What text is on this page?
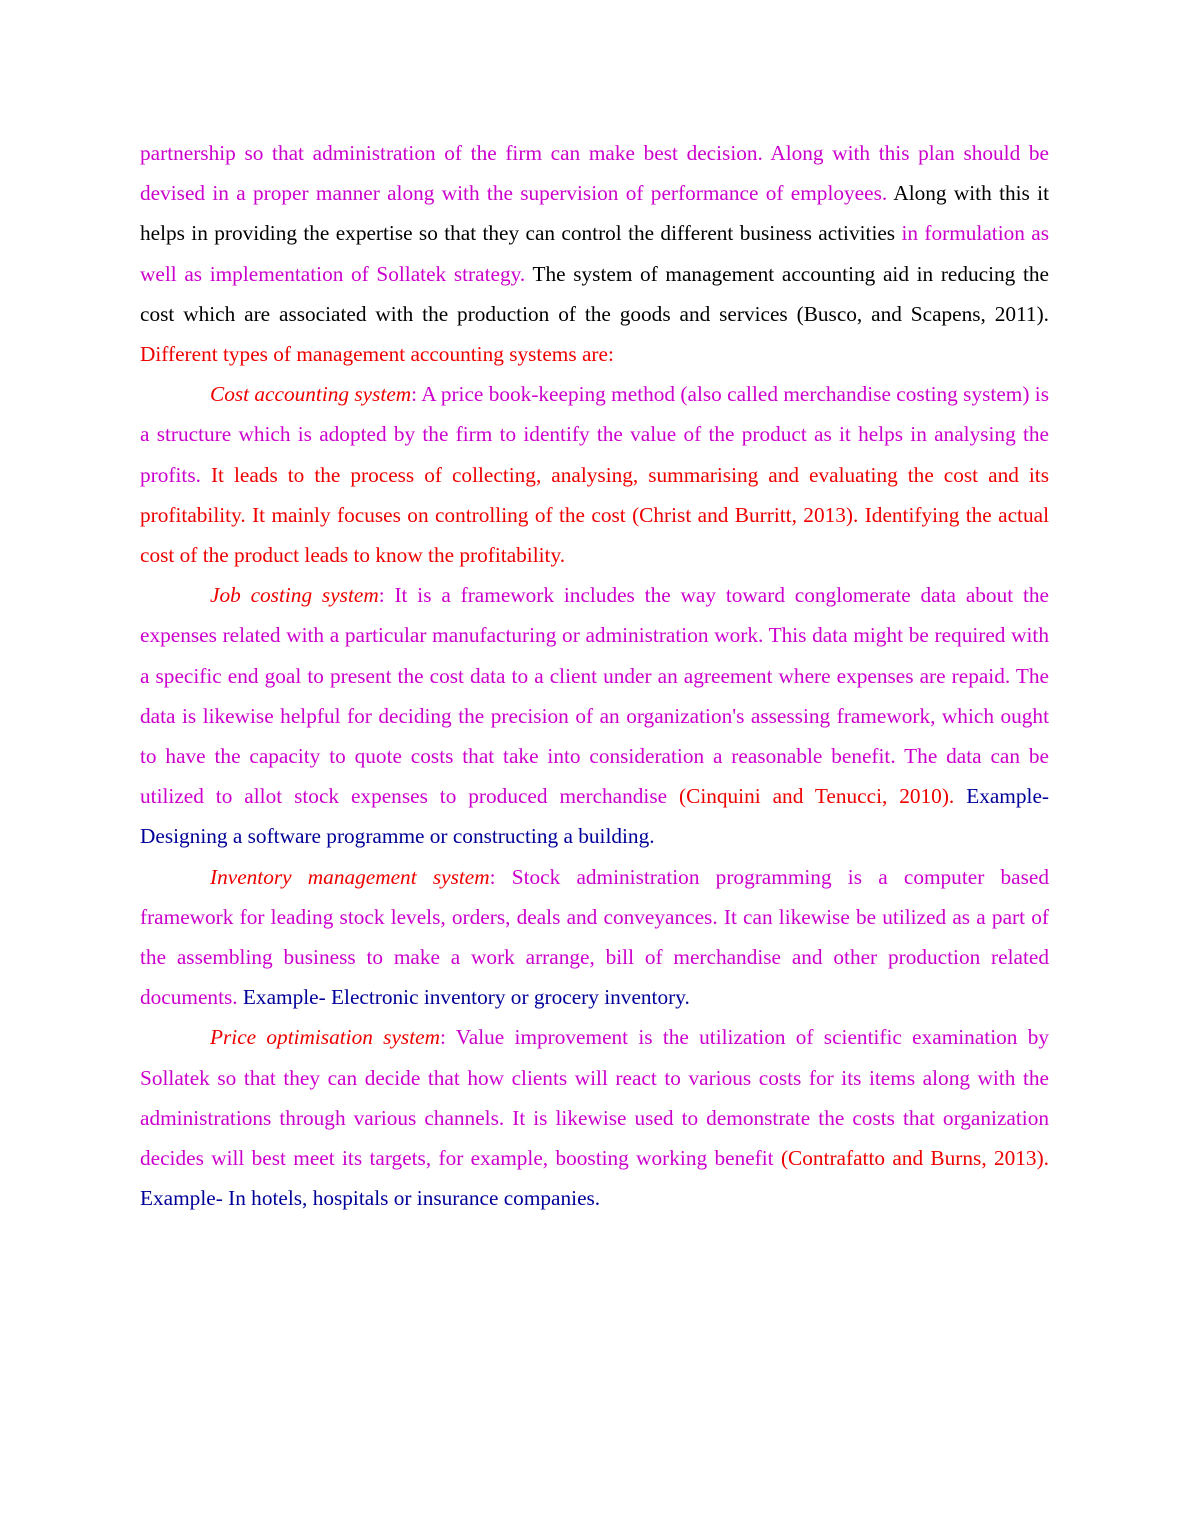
partnership so that administration of the firm can make best decision. Along with this plan should be devised in a proper manner along with the supervision of performance of employees. Along with this it helps in providing the expertise so that they can control the different business activities in formulation as well as implementation of Sollatek strategy. The system of management accounting aid in reducing the cost which are associated with the production of the goods and services (Busco, and Scapens, 2011). Different types of management accounting systems are:

Cost accounting system: A price book-keeping method (also called merchandise costing system) is a structure which is adopted by the firm to identify the value of the product as it helps in analysing the profits. It leads to the process of collecting, analysing, summarising and evaluating the cost and its profitability. It mainly focuses on controlling of the cost (Christ and Burritt, 2013). Identifying the actual cost of the product leads to know the profitability.

Job costing system: It is a framework includes the way toward conglomerate data about the expenses related with a particular manufacturing or administration work. This data might be required with a specific end goal to present the cost data to a client under an agreement where expenses are repaid. The data is likewise helpful for deciding the precision of an organization's assessing framework, which ought to have the capacity to quote costs that take into consideration a reasonable benefit. The data can be utilized to allot stock expenses to produced merchandise (Cinquini and Tenucci, 2010). Example- Designing a software programme or constructing a building.

Inventory management system: Stock administration programming is a computer based framework for leading stock levels, orders, deals and conveyances. It can likewise be utilized as a part of the assembling business to make a work arrange, bill of merchandise and other production related documents. Example- Electronic inventory or grocery inventory.

Price optimisation system: Value improvement is the utilization of scientific examination by Sollatek so that they can decide that how clients will react to various costs for its items along with the administrations through various channels. It is likewise used to demonstrate the costs that organization decides will best meet its targets, for example, boosting working benefit (Contrafatto and Burns, 2013). Example- In hotels, hospitals or insurance companies.
